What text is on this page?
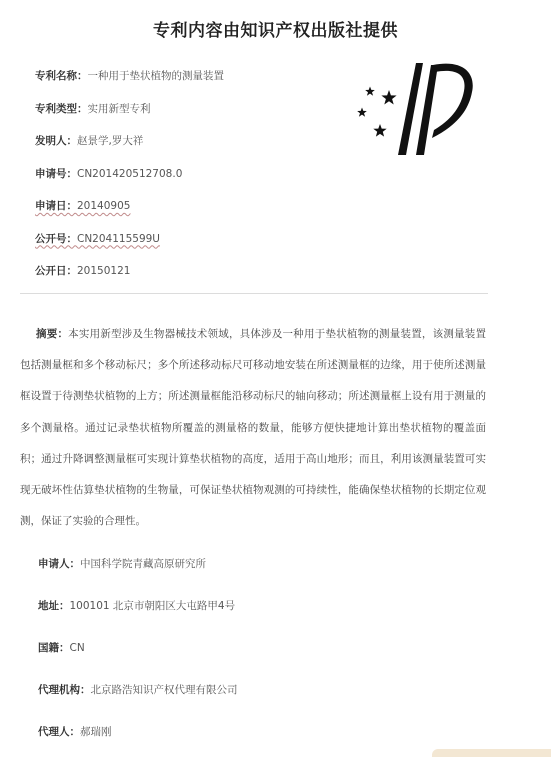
专利内容由知识产权出版社提供
专利名称：一种用于垫状植物的测量装置
专利类型：实用新型专利
发明人：赵景学,罗大祥
申请号：CN201420512708.0
申请日：20140905
公开号：CN204115599U
公开日：20150121
摘要：本实用新型涉及生物器械技术领域，具体涉及一种用于垫状植物的测量装置，该测量装置包括测量框和多个移动标尺；多个所述移动标尺可移动地安装在所述测量框的边缘，用于使所述测量框设置于待测垫状植物的上方；所述测量框能沿移动标尺的轴向移动；所述测量框上设有用于测量的多个测量格。通过记录垫状植物所覆盖的测量格的数量，能够方便快捷地计算出垫状植物的覆盖面积；通过升降调整测量框可实现计算垫状植物的高度，适用于高山地形；而且，利用该测量装置可实现无破坏性估算垫状植物的生物量，可保证垫状植物观测的可持续性，能确保垫状植物的长期定位观测，保证了实验的合理性。
申请人：中国科学院青藏高原研究所
地址：100101 北京市朝阳区大屯路甲4号
国籍：CN
代理机构：北京路浩知识产权代理有限公司
代理人：郝瑞刚
